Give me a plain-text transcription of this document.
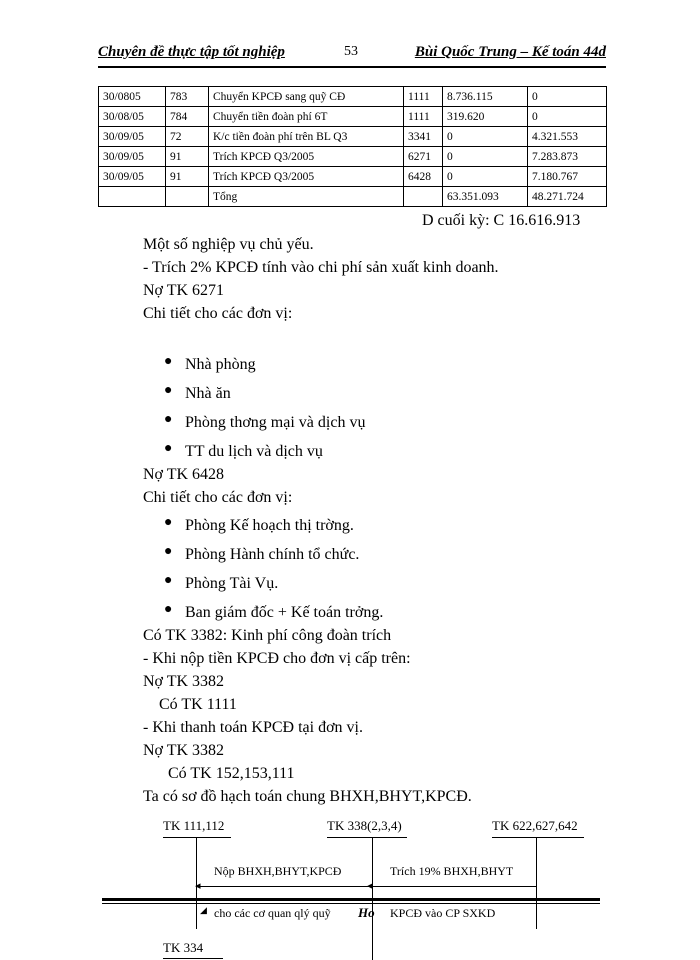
Chuyên đề thực tập tốt nghiệp	53	Bùi Quốc Trung – Kế toán 44d
30/0805	783	Chuyển KPCĐ sang quỹ CĐ	1111	8.736.115	0
30/08/05	784	Chuyển tiền đoàn phí 6T	1111	319.620	0
30/09/05	72	K/c tiền đoàn phí trên BL Q3	3341	0	4.321.553
30/09/05	91	Trích KPCĐ Q3/2005	6271	0	7.283.873
30/09/05	91	Trích KPCĐ Q3/2005	6428	0	7.180.767
		Tổng		63.351.093	48.271.724
D cuối kỳ: C 16.616.913
Một số nghiệp vụ chủ yếu.
- Trích 2% KPCĐ tính vào chi phí sản xuất kinh doanh.
Nợ TK 6271
Chi tiết cho các đơn vị:
● Nhà phòng
● Nhà ăn
● Phòng thơng mại và dịch vụ
● TT du lịch và dịch vụ
Nợ TK 6428
Chi tiết cho các đơn vị:
● Phòng Kế hoạch thị trờng.
● Phòng Hành chính tổ chức.
● Phòng Tài Vụ.
● Ban giám đốc + Kế toán trởng.
Có TK 3382: Kinh phí công đoàn trích
- Khi nộp tiền KPCĐ cho đơn vị cấp trên:
Nợ TK 3382
Có TK 1111
- Khi thanh toán KPCĐ tại đơn vị.
Nợ TK 3382
Có TK 152,153,111
Ta có sơ đồ hạch toán chung BHXH,BHYT,KPCĐ.
TK 111,112	TK 338(2,3,4)	TK 622,627,642
Nộp BHXH,BHYT,KPCĐ	Trích 19% BHXH,BHYT
◂	◂
◢ cho các cơ quan qlý quỹ Ho KPCĐ vào CP SXKD
TK 334
